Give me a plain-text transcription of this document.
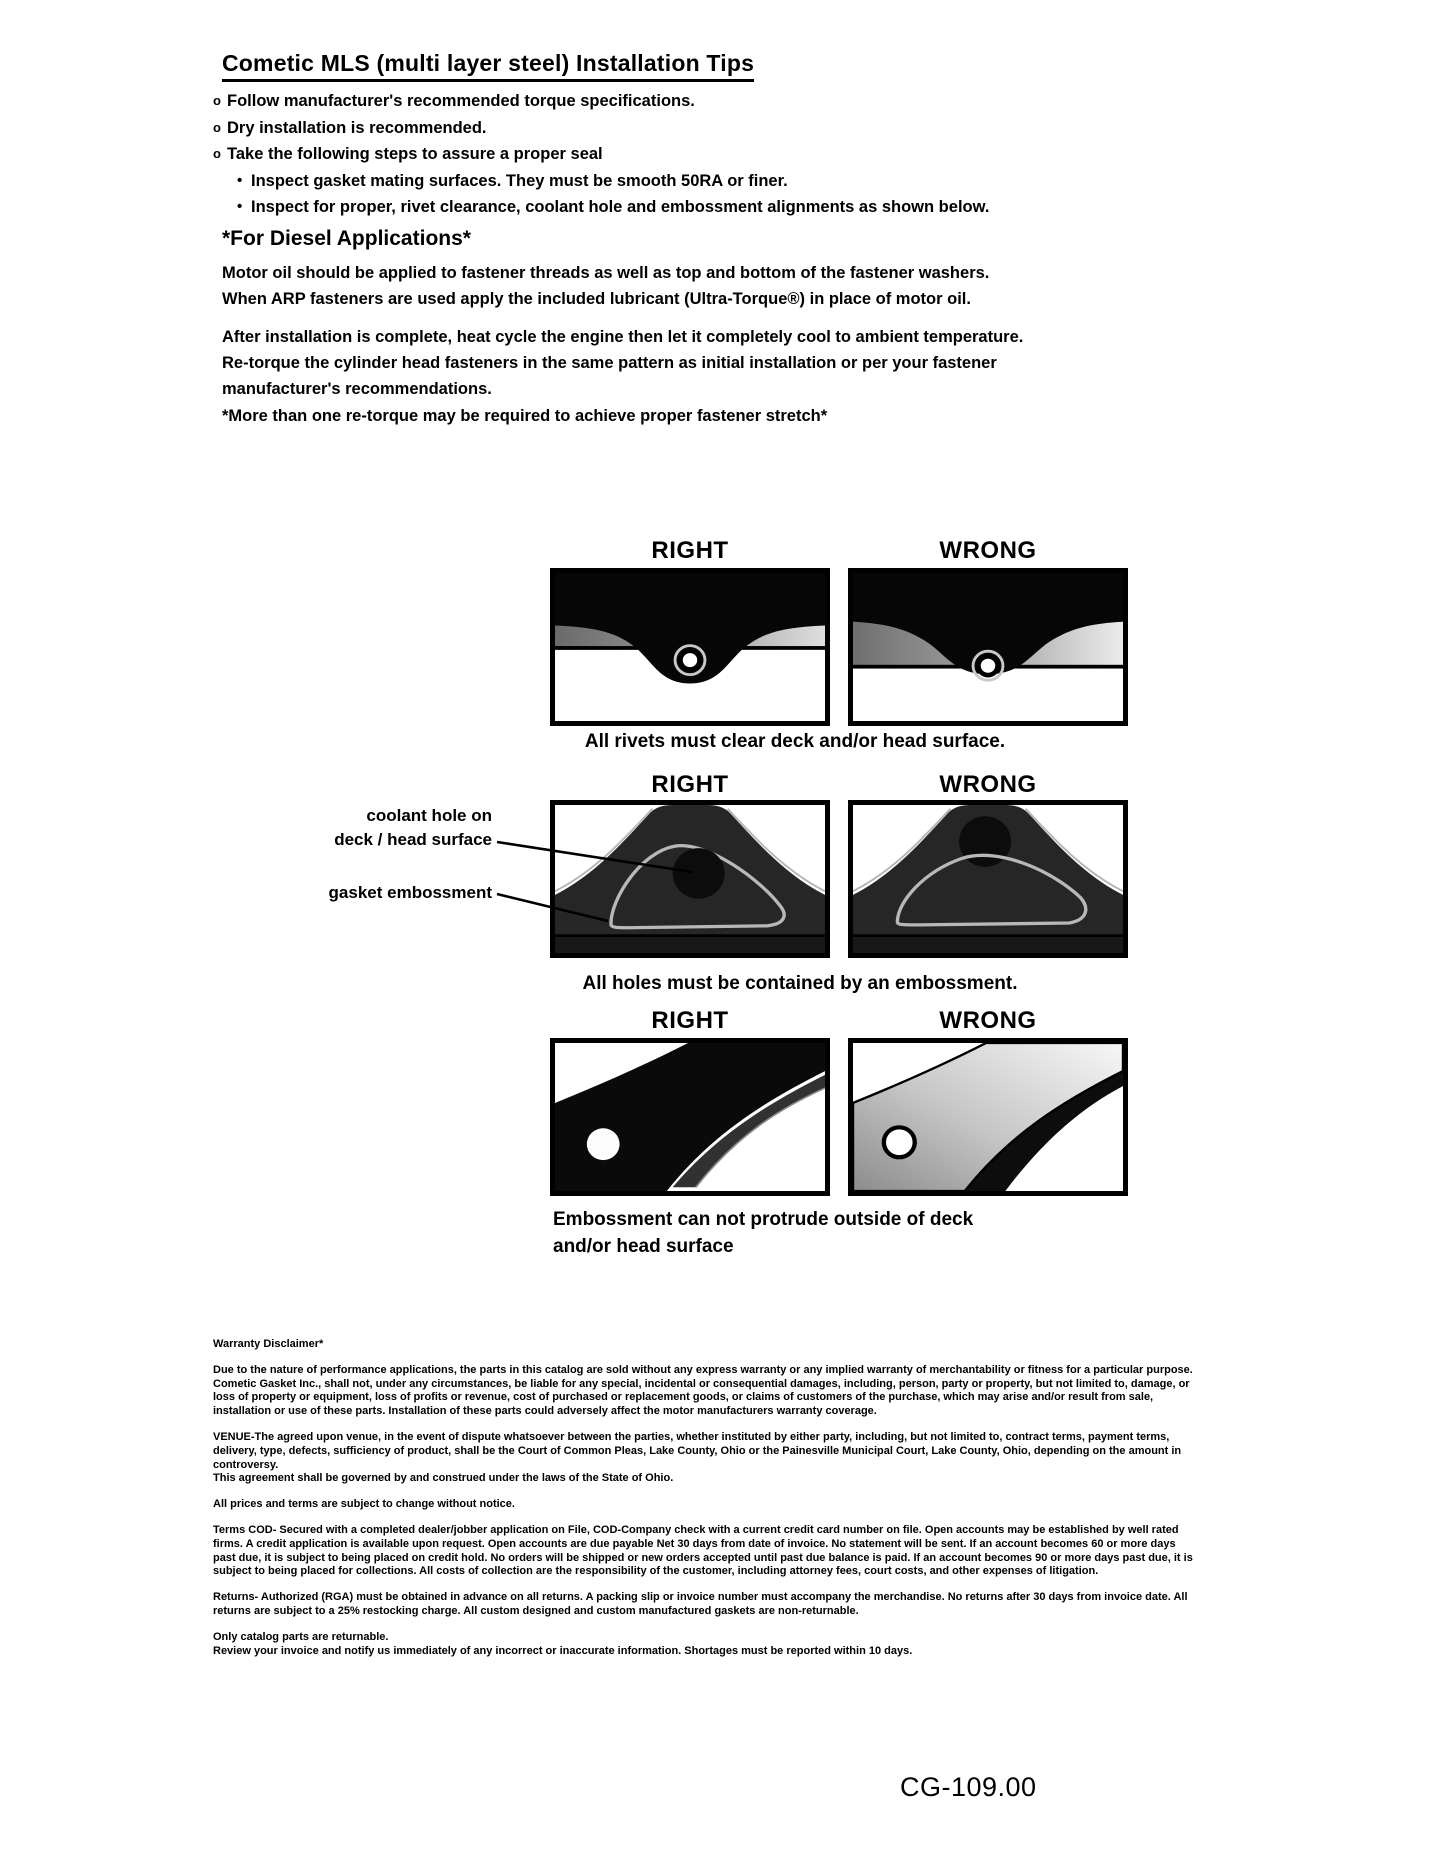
Cometic MLS (multi layer steel) Installation Tips
o Follow manufacturer's recommended torque specifications.
o Dry installation is recommended.
o Take the following steps to assure a proper seal
• Inspect gasket mating surfaces. They must be smooth 50RA or finer.
• Inspect for proper, rivet clearance, coolant hole and embossment alignments as shown below.
*For Diesel Applications*
Motor oil should be applied to fastener threads as well as top and bottom of the fastener washers. When ARP fasteners are used apply the included lubricant (Ultra-Torque®) in place of motor oil.
After installation is complete, heat cycle the engine then let it completely cool to ambient temperature. Re-torque the cylinder head fasteners in the same pattern as initial installation or per your fastener manufacturer's recommendations.
*More than one re-torque may be required to achieve proper fastener stretch*
RIGHT	WRONG
All rivets must clear deck and/or head surface.
RIGHT	WRONG
coolant hole on
deck / head surface
gasket embossment
All holes must be contained by an embossment.
RIGHT	WRONG
Embossment can not protrude outside of deck
and/or head surface

Warranty Disclaimer*

Due to the nature of performance applications, the parts in this catalog are sold without any express warranty or any implied warranty of merchantability or fitness for a particular purpose. Cometic Gasket Inc., shall not, under any circumstances, be liable for any special, incidental or consequential damages, including, person, party or property, but not limited to, damage, or loss of property or equipment, loss of profits or revenue, cost of purchased or replacement goods, or claims of customers of the purchase, which may arise and/or result from sale, installation or use of these parts. Installation of these parts could adversely affect the motor manufacturers warranty coverage.

VENUE-The agreed upon venue, in the event of dispute whatsoever between the parties, whether instituted by either party, including, but not limited to, contract terms, payment terms, delivery, type, defects, sufficiency of product, shall be the Court of Common Pleas, Lake County, Ohio or the Painesville Municipal Court, Lake County, Ohio, depending on the amount in controversy.

This agreement shall be governed by and construed under the laws of the State of Ohio.

All prices and terms are subject to change without notice.

Terms COD- Secured with a completed dealer/jobber application on File, COD-Company check with a current credit card number on file. Open accounts may be established by well rated firms. A credit application is available upon request. Open accounts are due payable Net 30 days from date of invoice. No statement will be sent. If an account becomes 60 or more days past due, it is subject to being placed on credit hold. No orders will be shipped or new orders accepted until past due balance is paid. If an account becomes 90 or more days past due, it is subject to being placed for collections. All costs of collection are the responsibility of the customer, including attorney fees, court costs, and other expenses of litigation.

Returns- Authorized (RGA) must be obtained in advance on all returns. A packing slip or invoice number must accompany the merchandise. No returns after 30 days from invoice date. All returns are subject to a 25% restocking charge. All custom designed and custom manufactured gaskets are non-returnable.

Only catalog parts are returnable.

Review your invoice and notify us immediately of any incorrect or inaccurate information. Shortages must be reported within 10 days.

CG-109.00
